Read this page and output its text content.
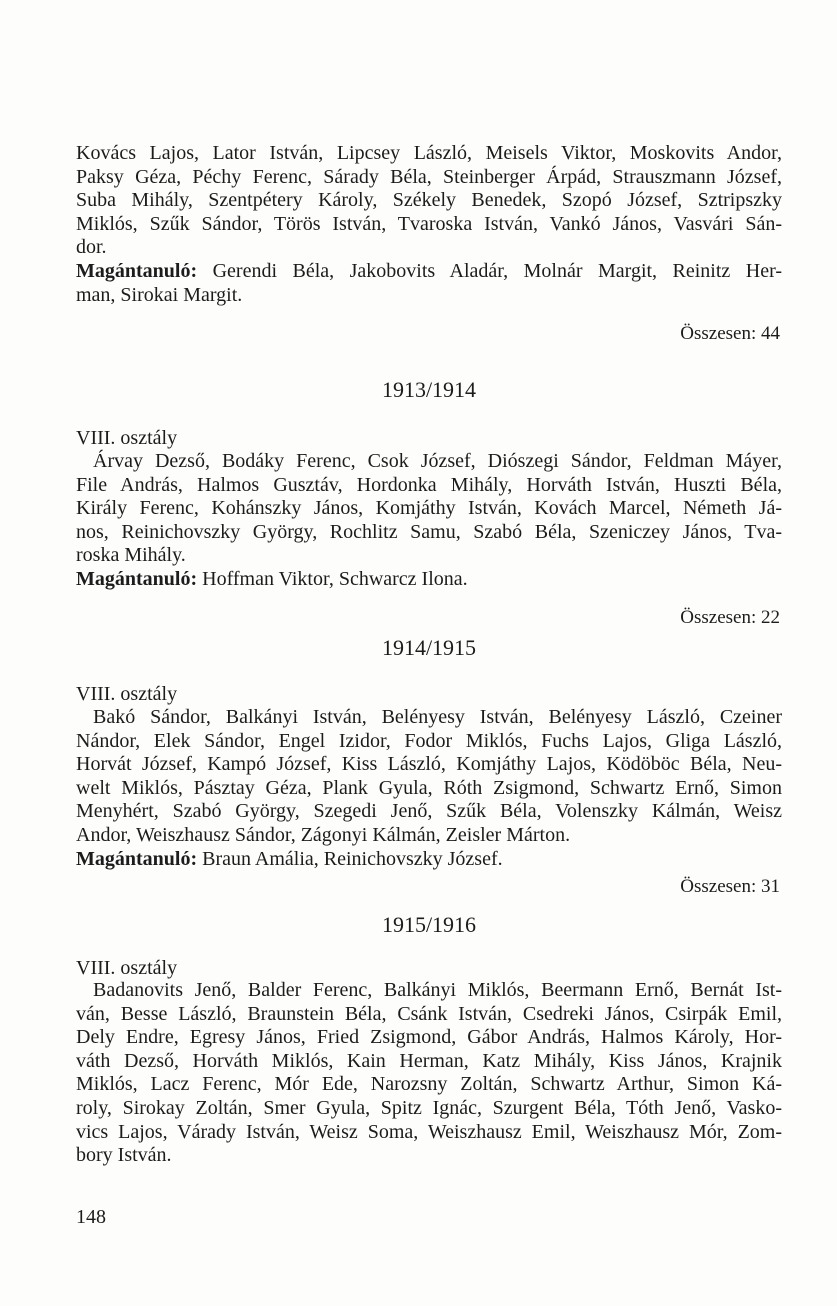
Kovács Lajos, Lator István, Lipcsey László, Meisels Viktor, Moskovits Andor,
Paksy Géza, Péchy Ferenc, Sárady Béla, Steinberger Árpád, Strauszmann József,
Suba Mihály, Szentpétery Károly, Székely Benedek, Szopó József, Sztripszky
Miklós, Szűk Sándor, Törös István, Tvaroska István, Vankó János, Vasvári Sán-
dor.
Magántanuló: Gerendi Béla, Jakobovits Aladár, Molnár Margit, Reinitz Her-
man, Sirokai Margit.
Összesen: 44
1913/1914
VIII. osztály
Árvay Dezső, Bodáky Ferenc, Csok József, Diószegi Sándor, Feldman Máyer,
File András, Halmos Gusztáv, Hordonka Mihály, Horváth István, Huszti Béla,
Király Ferenc, Kohánszky János, Komjáthy István, Kovách Marcel, Németh Já-
nos, Reinichovszky György, Rochlitz Samu, Szabó Béla, Szeniczey János, Tva-
roska Mihály.
Magántanuló: Hoffman Viktor, Schwarcz Ilona.
Összesen: 22
1914/1915
VIII. osztály
Bakó Sándor, Balkányi István, Belényesy István, Belényesy László, Czeiner
Nándor, Elek Sándor, Engel Izidor, Fodor Miklós, Fuchs Lajos, Gliga László,
Horvát József, Kampó József, Kiss László, Komjáthy Lajos, Ködöböc Béla, Neu-
welt Miklós, Pásztay Géza, Plank Gyula, Róth Zsigmond, Schwartz Ernő, Simon
Menyhért, Szabó György, Szegedi Jenő, Szűk Béla, Volenszky Kálmán, Weisz
Andor, Weiszhausz Sándor, Zágonyi Kálmán, Zeisler Márton.
Magántanuló: Braun Amália, Reinichovszky József.
Összesen: 31
1915/1916
VIII. osztály
Badanovits Jenő, Balder Ferenc, Balkányi Miklós, Beermann Ernő, Bernát Ist-
ván, Besse László, Braunstein Béla, Csánk István, Csedreki János, Csirpák Emil,
Dely Endre, Egresy János, Fried Zsigmond, Gábor András, Halmos Károly, Hor-
váth Dezső, Horváth Miklós, Kain Herman, Katz Mihály, Kiss János, Krajnik
Miklós, Lacz Ferenc, Mór Ede, Narozsny Zoltán, Schwartz Arthur, Simon Ká-
roly, Sirokay Zoltán, Smer Gyula, Spitz Ignác, Szurgent Béla, Tóth Jenő, Vasko-
vics Lajos, Várady István, Weisz Soma, Weiszhausz Emil, Weiszhausz Mór, Zom-
bory István.
148
